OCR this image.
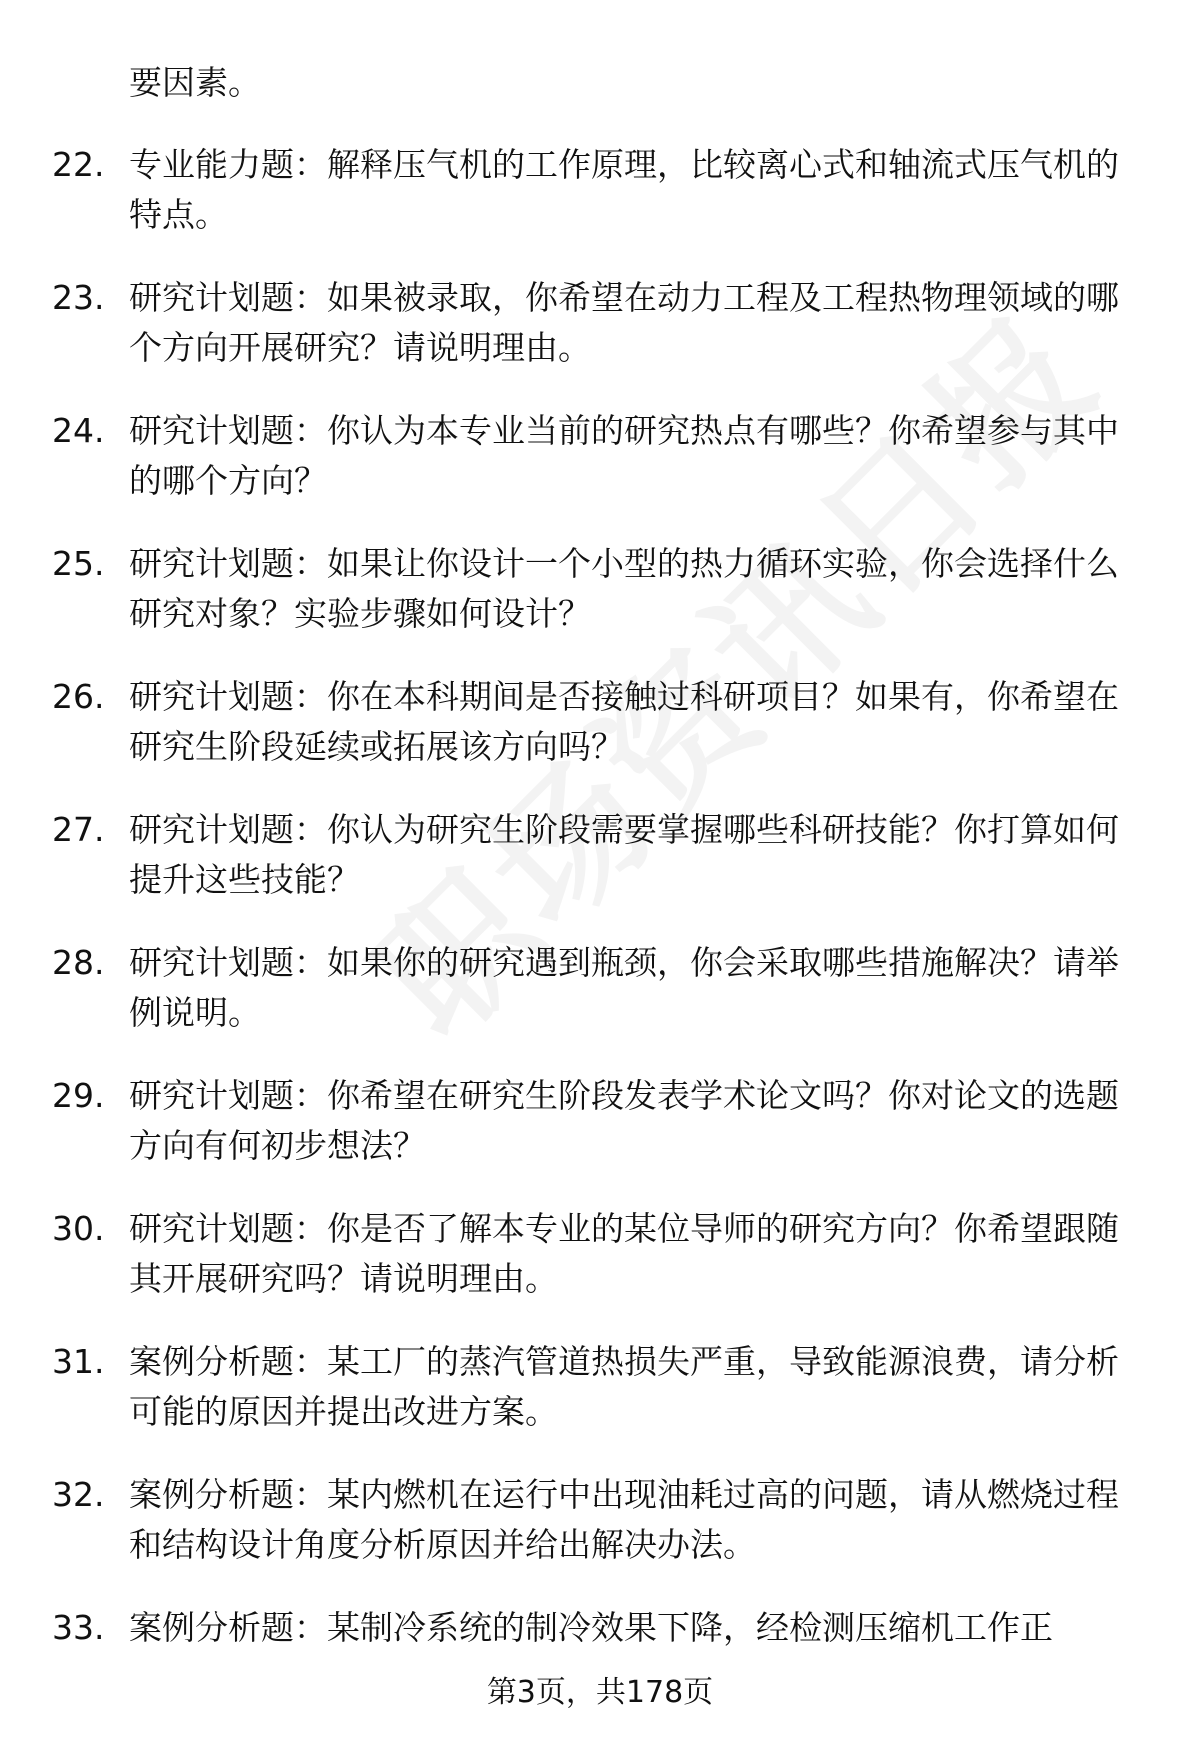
要因素。

22. 专业能力题：解释压气机的工作原理，比较离心式和轴流式压气机的特点。

23. 研究计划题：如果被录取，你希望在动力工程及工程热物理领域的哪个方向开展研究？请说明理由。

24. 研究计划题：你认为本专业当前的研究热点有哪些？你希望参与其中的哪个方向？

25. 研究计划题：如果让你设计一个小型的热力循环实验，你会选择什么研究对象？实验步骤如何设计？

26. 研究计划题：你在本科期间是否接触过科研项目？如果有，你希望在研究生阶段延续或拓展该方向吗？

27. 研究计划题：你认为研究生阶段需要掌握哪些科研技能？你打算如何提升这些技能？

28. 研究计划题：如果你的研究遇到瓶颈，你会采取哪些措施解决？请举例说明。

29. 研究计划题：你希望在研究生阶段发表学术论文吗？你对论文的选题方向有何初步想法？

30. 研究计划题：你是否了解本专业的某位导师的研究方向？你希望跟随其开展研究吗？请说明理由。

31. 案例分析题：某工厂的蒸汽管道热损失严重，导致能源浪费，请分析可能的原因并提出改进方案。

32. 案例分析题：某内燃机在运行中出现油耗过高的问题，请从燃烧过程和结构设计角度分析原因并给出解决办法。

33. 案例分析题：某制冷系统的制冷效果下降，经检测压缩机工作正

第3页，共178页
